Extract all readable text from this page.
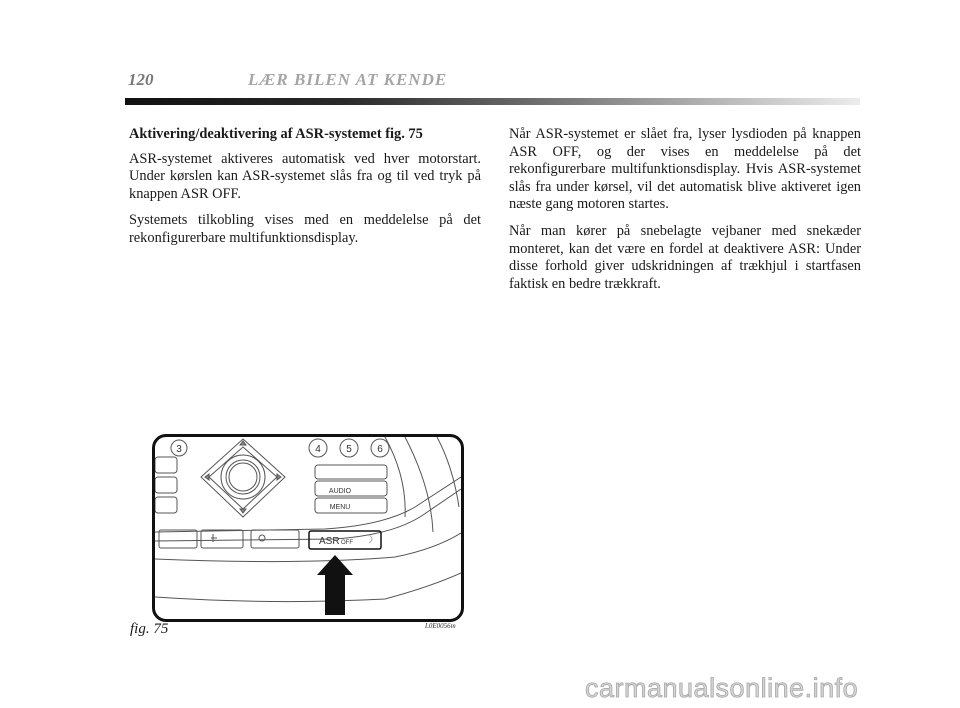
120	LÆR BILEN AT KENDE
Aktivering/deaktivering af ASR-systemet fig. 75

ASR-systemet aktiveres automatisk ved hver motorstart. Under kørslen kan ASR-systemet slås fra og til ved tryk på knappen ASR OFF.

Systemets tilkobling vises med en meddelelse på det rekonfigurerbare multifunktionsdisplay.

Når ASR-systemet er slået fra, lyser lysdioden på knappen ASR OFF, og der vises en meddelelse på det rekonfigurerbare multifunktionsdisplay. Hvis ASR-systemet slås fra under kørsel, vil det automatisk blive aktiveret igen næste gang motoren startes.

Når man kører på snebelagte vejbaner med snekæder monteret, kan det være en fordel at deaktivere ASR: Under disse forhold giver udskridningen af trækhjul i startfasen faktisk en bedre trækkraft.

3	4	5	6
AUDIO
MENU
ASR OFF
fig. 75	L0E0056m
carmanualsonline.info
